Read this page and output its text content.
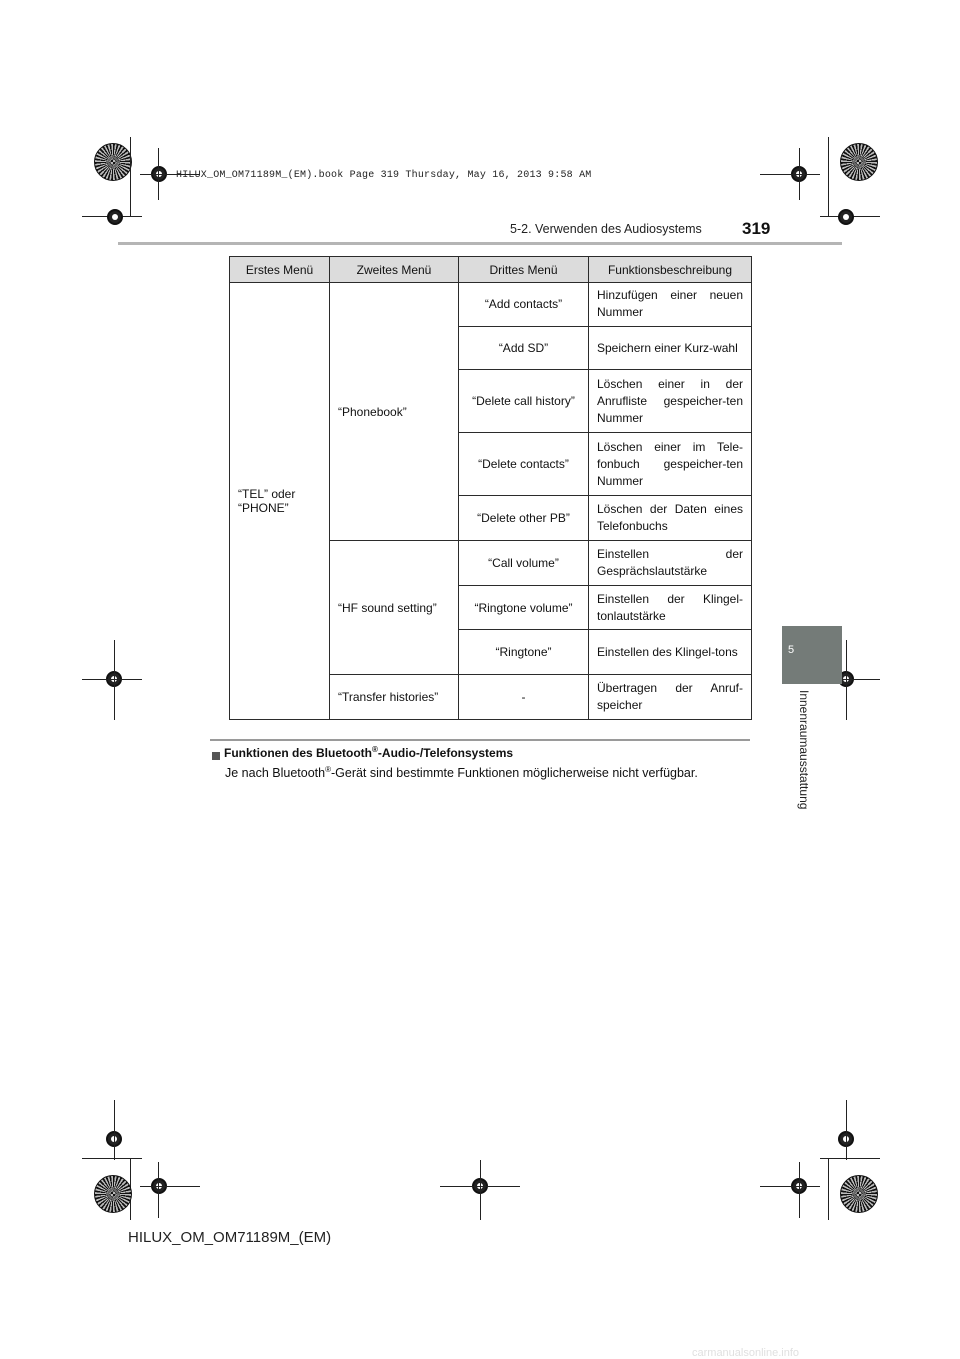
HILUX_OM_OM71189M_(EM).book Page 319 Thursday, May 16, 2013 9:58 AM
5-2. Verwenden des Audiosystems 319
5
Innenraumausstattung
Erstes Menü	Zweites Menü	Drittes Menü	Funktionsbeschreibung
“TEL” oder “PHONE”	“Phonebook”	“Add contacts”	Hinzufügen einer neuen Nummer
		“Add SD”	Speichern einer Kurz-wahl
		“Delete call history”	Löschen einer in der Anrufliste gespeicher-ten Nummer
		“Delete contacts”	Löschen einer im Tele-fonbuch gespeicher-ten Nummer
		“Delete other PB”	Löschen der Daten eines Telefonbuchs
	“HF sound setting”	“Call volume”	Einstellen der Gesprächslautstärke
		“Ringtone volume”	Einstellen der Klingel-tonlautstärke
		“Ringtone”	Einstellen des Klingel-tons
	“Transfer histories”	-	Übertragen der Anruf-speicher
Funktionen des Bluetooth®-Audio-/Telefonsystems
Je nach Bluetooth®-Gerät sind bestimmte Funktionen möglicherweise nicht verfügbar.
HILUX_OM_OM71189M_(EM)
carmanualsonline.info
